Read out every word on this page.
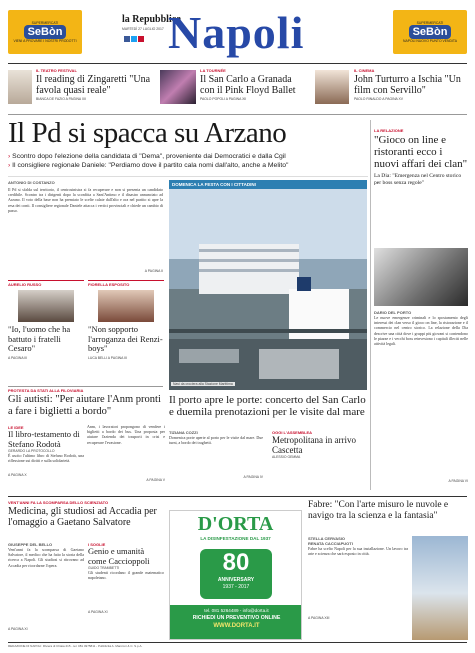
SUPERMERCATI
SeBòn
VIENI A PROVARE I NOSTRI PRODOTTI
SUPERMERCATI
SeBòn
NAPOLI NUOVO PUNTO VENDITA
la Repubblica
MARTEDÌ 27 LUGLIO 2017 Napoli
IL TEATRO FESTIVAL
Il reading di Zingaretti "Una favola quasi reale"
BIANCA DE FAZIO A PAGINA XII
LA TOURNÉE
Il San Carlo a Granada con il Pink Floyd Ballet
PAOLO POPOLI A PAGINA XII
IL CINEMA
John Turturro a Ischia "Un film con Servillo"
PAOLO RINALDO A PAGINA XV
Il Pd si spacca su Arzano
› Scontro dopo l'elezione della candidata di "Dema", proveniente dai Democratici e dalla Cgil
› Il consigliere regionale Daniele: "Perdiamo dove il partito cala nomi dall'alto, anche a Melito"
ANTONIO DI COSTANZO
Il Pd si sfalda sul territorio, il centrosinistra si fa recuperare e non si presenta un candidato credibile. Scontro tra i dirigenti dopo la sconfitta a Sant'Antimo e il disastro annunciato ad Arzano. Il voto della base non ha premiato le scelte calate dall'alto e ora nel partito si apre la resa dei conti. Il consigliere regionale Daniele attacca i vertici provinciali e chiede un cambio di passo.
A PAGINA II
AURELIO RUSSO
"Io, l'uomo che ha battuto i fratelli Cesaro"
A PAGINA III
FIORELLA ESPOSITO
"Non sopporto l'arroganza dei Renzi-boys"
LUCA BELLI A PAGINA III
PROTESTA DA STATI ALLA FILOVIARIA
Gli autisti: "Per aiutare l'Anm pronti a fare i biglietti a bordo"
Anm, i lavoratori propongono di vendere i biglietti a bordo dei bus. Una proposta per aiutare l'azienda dei trasporti in crisi e recuperare l'evasione.
A PAGINA V
LE IDEE
Il libro-testamento di Stefano Rodotà
GERARDO LA PROTOCOLLO
È uscito l'ultimo libro di Stefano Rodotà, una riflessione sui diritti e sulla solidarietà.
A PAGINA X
DOMENICA LA FESTA CON I CITTADINI
Navi da crociera alla Stazione Marittima
Il porto apre le porte: concerto del San Carlo e duemila prenotazioni per le visite dal mare
TIZIANA COZZI
Domenica porte aperte al porto per le visite dal mare. Due turni, a bordo dei traghetti.
A PAGINA IV
OGGI L'ASSEMBLEA
Metropolitana in arrivo Cascetta
ALESSIO GEMMA
LA RELAZIONE
"Gioco on line e ristoranti ecco i nuovi affari dei clan"
La Dia: "Emergenza nel Centro storico per boss senza regole"
DARIO DEL PORTO
Le nuove emergenze criminali e lo spostamento degli interessi dei clan verso il gioco on line, la ristorazione e il commercio nel centro storico. La relazione della Dia descrive una città dove i gruppi più giovani si contendono le piazze e i vecchi boss reinvestono i capitali illeciti nelle attività legali.
A PAGINA VI
VENT'ANNI FA LA SCOMPARSA DELLO SCIENZIATO
Medicina, gli studiosi ad Accadia per l'omaggio a Gaetano Salvatore
GIUSEPPE DEL BELLO
Vent'anni fa la scomparsa di Gaetano Salvatore, il medico che ha fatto la storia della ricerca a Napoli. Gli studiosi si ritrovano ad Accadia per ricordarne l'opera.
A PAGINA XI
I SOGLIE
Genio e umanità come Caccioppoli
GUIDO TRAMBETTI
Gli studenti ricordano il grande matematico napoletano.
A PAGINA XI
D'ORTA
LA DISINFESTAZIONE DAL 1937
80
ANNIVERSARY
1937 - 2017
tel. 081 5264489 - info@dorta.it
RICHIEDI UN PREVENTIVO ONLINE
WWW.DORTA.IT
Fabre: "Con l'arte misuro le nuvole e navigo tra la scienza e la fantasia"
STELLA CERVASIO
RENATA CACCIAPUOTI
Fabre ha scelto Napoli per la sua installazione. Un lavoro tra arte e scienza che sarà esposto in città.
A PAGINA XIII
REDAZIONE DI NAPOLI: Riviera di Chiaia 215 - tel. 081 4975811 - Pubblicità A. Manzoni & C. S.p.A.
